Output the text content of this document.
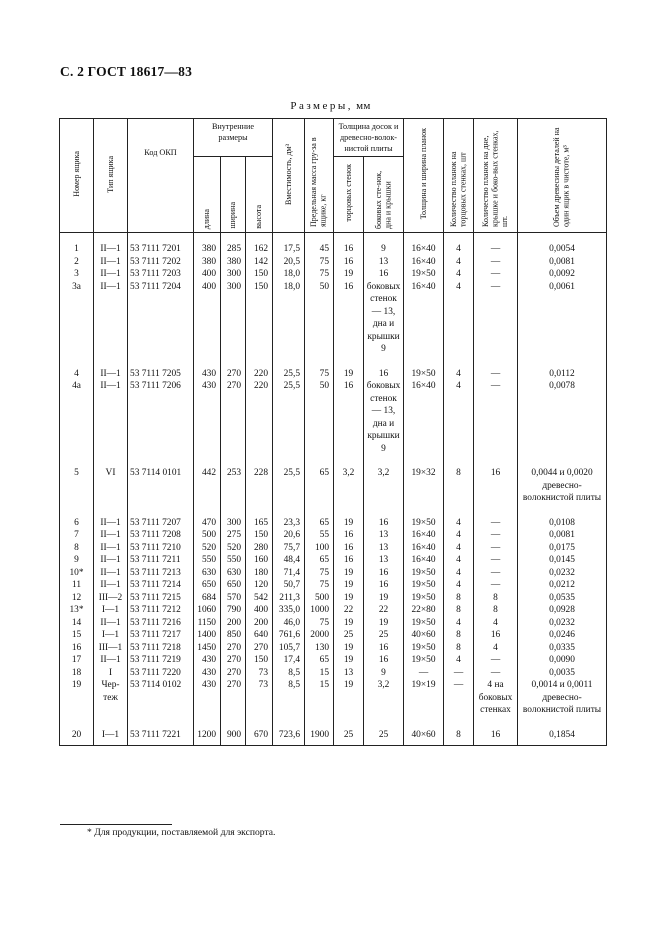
С. 2 ГОСТ 18617—83
Размеры, мм
Номер ящика	Тип ящика	Код ОКП	Внутренние размеры			Вместимость, дм³	Предельная масса гру-за в ящике, кг	Толщина досок и древесно-волок-нистой плиты		Толщина и ширина планок	Количество планок на торцовых стенках, шт	Количество планок на дне, крышке и боко-вых стенках, шт.	Объем древесины деталей на один ящик в чистоте, м³
			длина	ширина	высота			торцовых стенок	боковых сте-нок, дна и крышки				
1	II—1	53 7111 7201	380	285	162	17,5	45	16	9	16×40	4	—	0,0054
2	II—1	53 7111 7202	380	380	142	20,5	75	16	13	16×40	4	—	0,0081
3	II—1	53 7111 7203	400	300	150	18,0	75	19	16	19×50	4	—	0,0092
3а	II—1	53 7111 7204	400	300	150	18,0	50	16	боковых стенок— 13, дна и крышки 9	16×40	4	—	0,0061
4	II—1	53 7111 7205	430	270	220	25,5	75	19	16	19×50	4	—	0,0112
4а	II—1	53 7111 7206	430	270	220	25,5	50	16	боковых стенок— 13, дна и крышки 9	16×40	4	—	0,0078
5	VI	53 7114 0101	442	253	228	25,5	65	3,2	3,2	19×32	8	16	0,0044 и 0,0020 древесно-волокнистой плиты
6	II—1	53 7111 7207	470	300	165	23,3	65	19	16	19×50	4	—	0,0108
7	II—1	53 7111 7208	500	275	150	20,6	55	16	13	16×40	4	—	0,0081
8	II—1	53 7111 7210	520	520	280	75,7	100	16	13	16×40	4	—	0,0175
9	II—1	53 7111 7211	550	550	160	48,4	65	16	13	16×40	4	—	0,0145
10*	II—1	53 7111 7213	630	630	180	71,4	75	19	16	19×50	4	—	0,0232
11	II—1	53 7111 7214	650	650	120	50,7	75	19	16	19×50	4	—	0,0212
12	III—2	53 7111 7215	684	570	542	211,3	500	19	19	19×50	8	8	0,0535
13*	I—1	53 7111 7212	1060	790	400	335,0	1000	22	22	22×80	8	8	0,0928
14	II—1	53 7111 7216	1150	200	200	46,0	75	19	19	19×50	4	4	0,0232
15	I—1	53 7111 7217	1400	850	640	761,6	2000	25	25	40×60	8	16	0,0246
16	III—1	53 7111 7218	1450	270	270	105,7	130	19	16	19×50	8	4	0,0335
17	II—1	53 7111 7219	430	270	150	17,4	65	19	16	19×50	4	—	0,0090
18	I	53 7111 7220	430	270	73	8,5	15	13	9	—	—	—	0,0035
19	Чер-теж	53 7114 0102	430	270	73	8,5	15	19	3,2	19×19	—	4 на боковых стенках	0,0014 и 0,0011 древесно-волокнистой плиты
20	I—1	53 7111 7221	1200	900	670	723,6	1900	25	25	40×60	8	16	0,1854
* Для продукции, поставляемой для экспорта.
